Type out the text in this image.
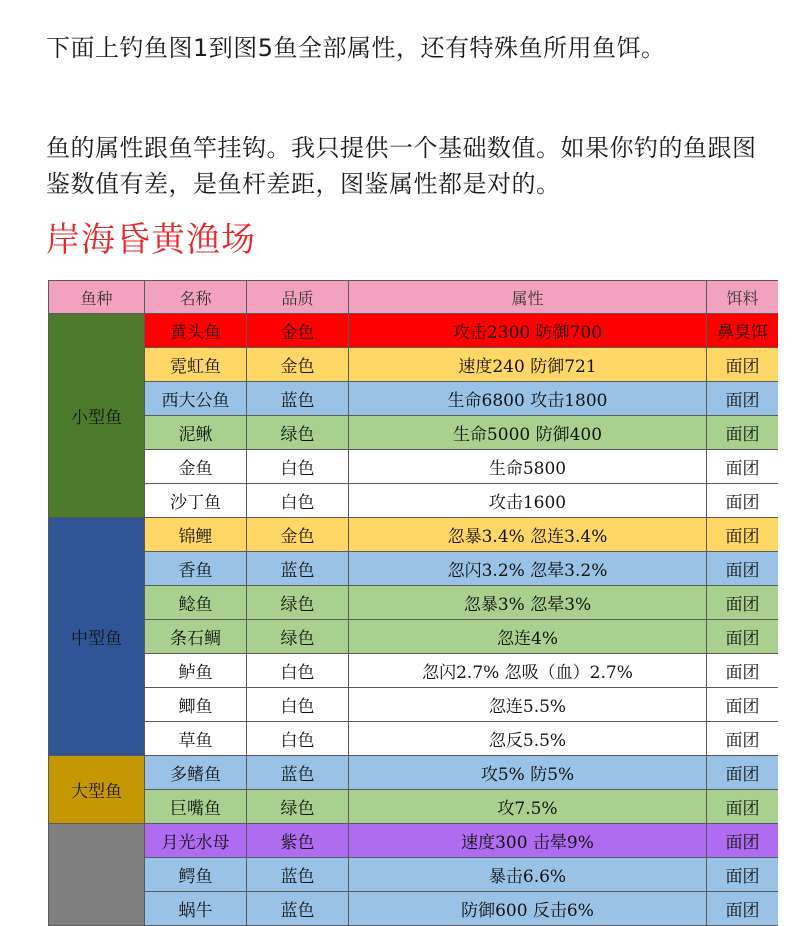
下面上钓鱼图1到图5鱼全部属性，还有特殊鱼所用鱼饵。
鱼的属性跟鱼竿挂钩。我只提供一个基础数值。如果你钓的鱼跟图鉴数值有差，是鱼杆差距，图鉴属性都是对的。
岸海昏黄渔场
鱼种	名称	品质	属性	饵料
小型鱼	黄头鱼	金色	攻击2300 防御700	鼻臭饵
	霓虹鱼	金色	速度240 防御721	面团
	西大公鱼	蓝色	生命6800 攻击1800	面团
	泥鳅	绿色	生命5000 防御400	面团
	金鱼	白色	生命5800	面团
	沙丁鱼	白色	攻击1600	面团
中型鱼	锦鲤	金色	忽暴3.4% 忽连3.4%	面团
	香鱼	蓝色	忽闪3.2% 忽晕3.2%	面团
	鲶鱼	绿色	忽暴3% 忽晕3%	面团
	条石鲷	绿色	忽连4%	面团
	鲈鱼	白色	忽闪2.7% 忽吸（血）2.7%	面团
	鲫鱼	白色	忽连5.5%	面团
	草鱼	白色	忽反5.5%	面团
大型鱼	多鳍鱼	蓝色	攻5% 防5%	面团
	巨嘴鱼	绿色	攻7.5%	面团
	月光水母	紫色	速度300 击晕9%	面团
	鳄鱼	蓝色	暴击6.6%	面团
	蜗牛	蓝色	防御600 反击6%	面团
